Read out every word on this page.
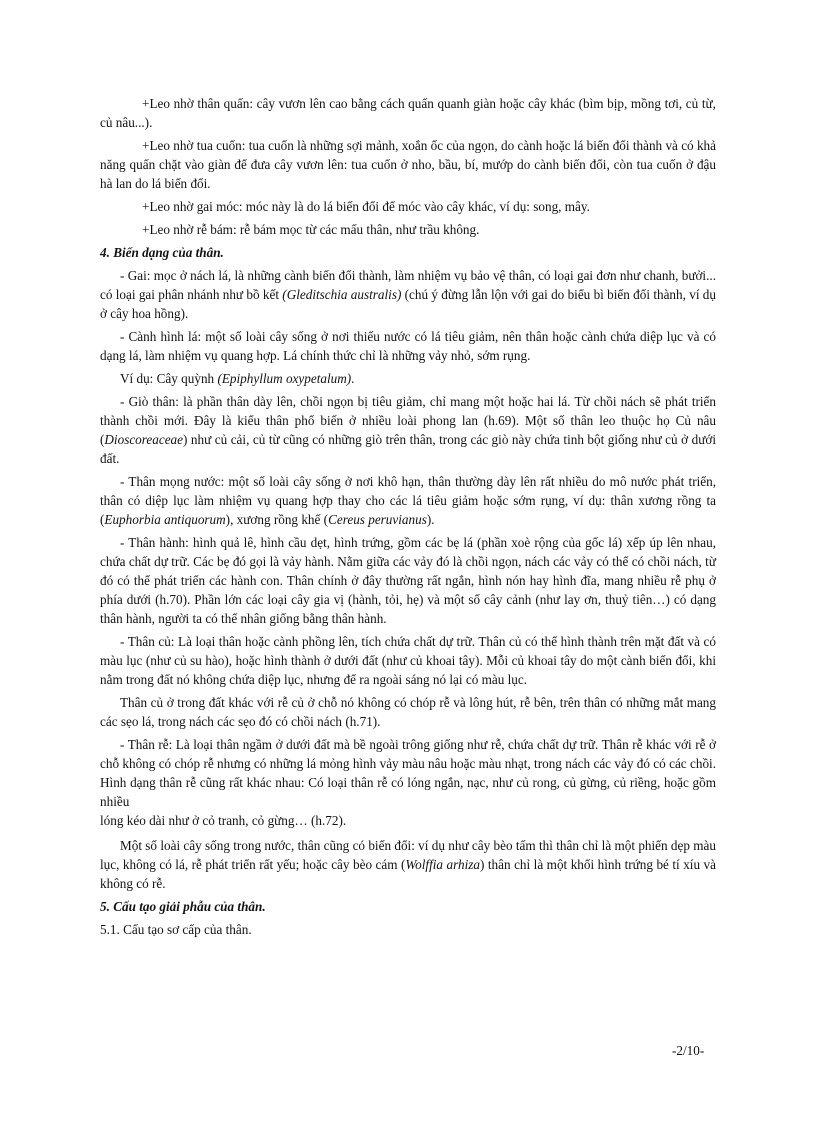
+ Leo nhờ thân quấn: cây vươn lên cao bằng cách quấn quanh giàn hoặc cây khác (bìm bịp, mồng tơi, củ từ, củ nâu...).

+ Leo nhờ tua cuốn: tua cuốn là những sợi mảnh, xoắn ốc của ngọn, do cành hoặc lá biến đổi thành và có khả năng quấn chặt vào giàn để đưa cây vươn lên: tua cuốn ở nho, bầu, bí, mướp do cành biến đổi, còn tua cuốn ở đậu hà lan do lá biến đổi.

+ Leo nhờ gai móc: móc này là do lá biến đổi để móc vào cây khác, ví dụ: song, mây.

+ Leo nhờ rễ bám: rễ bám mọc từ các mấu thân, như trầu không.

4. Biến dạng của thân.

- Gai: mọc ở nách lá, là những cành biến đổi thành, làm nhiệm vụ bảo vệ thân, có loại gai đơn như chanh, bưởi... có loại gai phân nhánh như bồ kết (Gleditschia australis) (chú ý đừng lẫn lộn với gai do biểu bì biến đổi thành, ví dụ ở cây hoa hồng).

- Cành hình lá: một số loài cây sống ở nơi thiếu nước có lá tiêu giảm, nên thân hoặc cành chứa diệp lục và có dạng lá, làm nhiệm vụ quang hợp. Lá chính thức chỉ là những vảy nhỏ, sớm rụng.

Ví dụ: Cây quỳnh (Epiphyllum oxypetalum).

- Giò thân: là phần thân dày lên, chồi ngọn bị tiêu giảm, chỉ mang một hoặc hai lá. Từ chồi nách sẽ phát triển thành chồi mới. Đây là kiểu thân phổ biến ở nhiều loài phong lan (h.69). Một số thân leo thuộc họ Củ nâu (Dioscoreaceae) như củ cải, củ từ cũng có những giò trên thân, trong các giò này chứa tinh bột giống như củ ở dưới đất.

- Thân mọng nước: một số loài cây sống ở nơi khô hạn, thân thường dày lên rất nhiều do mô nước phát triển, thân có diệp lục làm nhiệm vụ quang hợp thay cho các lá tiêu giảm hoặc sớm rụng, ví dụ: thân xương rồng ta (Euphorbia antiquorum), xương rồng khế (Cereus peruvianus).

- Thân hành: hình quả lê, hình cầu dẹt, hình trứng, gồm các bẹ lá (phần xoè rộng của gốc lá) xếp úp lên nhau, chứa chất dự trữ. Các bẹ đó gọi là vảy hành. Nằm giữa các vảy đó là chồi ngọn, nách các vảy có thể có chồi nách, từ đó có thể phát triển các hành con. Thân chính ở đây thường rất ngắn, hình nón hay hình đĩa, mang nhiều rễ phụ ở phía dưới (h.70). Phần lớn các loại cây gia vị (hành, tỏi, hẹ) và một số cây cảnh (như lay ơn, thuỷ tiên…) có dạng thân hành, người ta có thể nhân giống bằng thân hành.

- Thân củ: Là loại thân hoặc cành phồng lên, tích chứa chất dự trữ. Thân củ có thể hình thành trên mặt đất và có màu lục (như củ su hào), hoặc hình thành ở dưới đất (như củ khoai tây). Mỗi củ khoai tây do một cành biến đổi, khi nằm trong đất nó không chứa diệp lục, nhưng để ra ngoài sáng nó lại có màu lục.

Thân củ ở trong đất khác với rễ củ ở chỗ nó không có chóp rễ và lông hút, rễ bên, trên thân có những mắt mang các sẹo lá, trong nách các sẹo đó có chồi nách (h.71).

- Thân rễ: Là loại thân ngầm ở dưới đất mà bề ngoài trông giống như rễ, chứa chất dự trữ. Thân rễ khác với rễ ở chỗ không có chóp rễ nhưng có những lá mỏng hình vảy màu nâu hoặc màu nhạt, trong nách các vảy đó có các chồi. Hình dạng thân rễ cũng rất khác nhau: Có loại thân rễ có lóng ngắn, nạc, như củ rong, củ gừng, củ riềng, hoặc gồm nhiều

lóng kéo dài như ở cỏ tranh, cỏ gừng… (h.72).

Một số loài cây sống trong nước, thân cũng có biến đổi: ví dụ như cây bèo tấm thì thân chỉ là một phiến dẹp màu lục, không có lá, rễ phát triển rất yếu; hoặc cây bèo cám (Wolffia arhiza) thân chỉ là một khối hình trứng bé tí xíu và không có rễ.

5. Cấu tạo giải phẫu của thân.

5.1. Cấu tạo sơ cấp của thân.

-2/10-
